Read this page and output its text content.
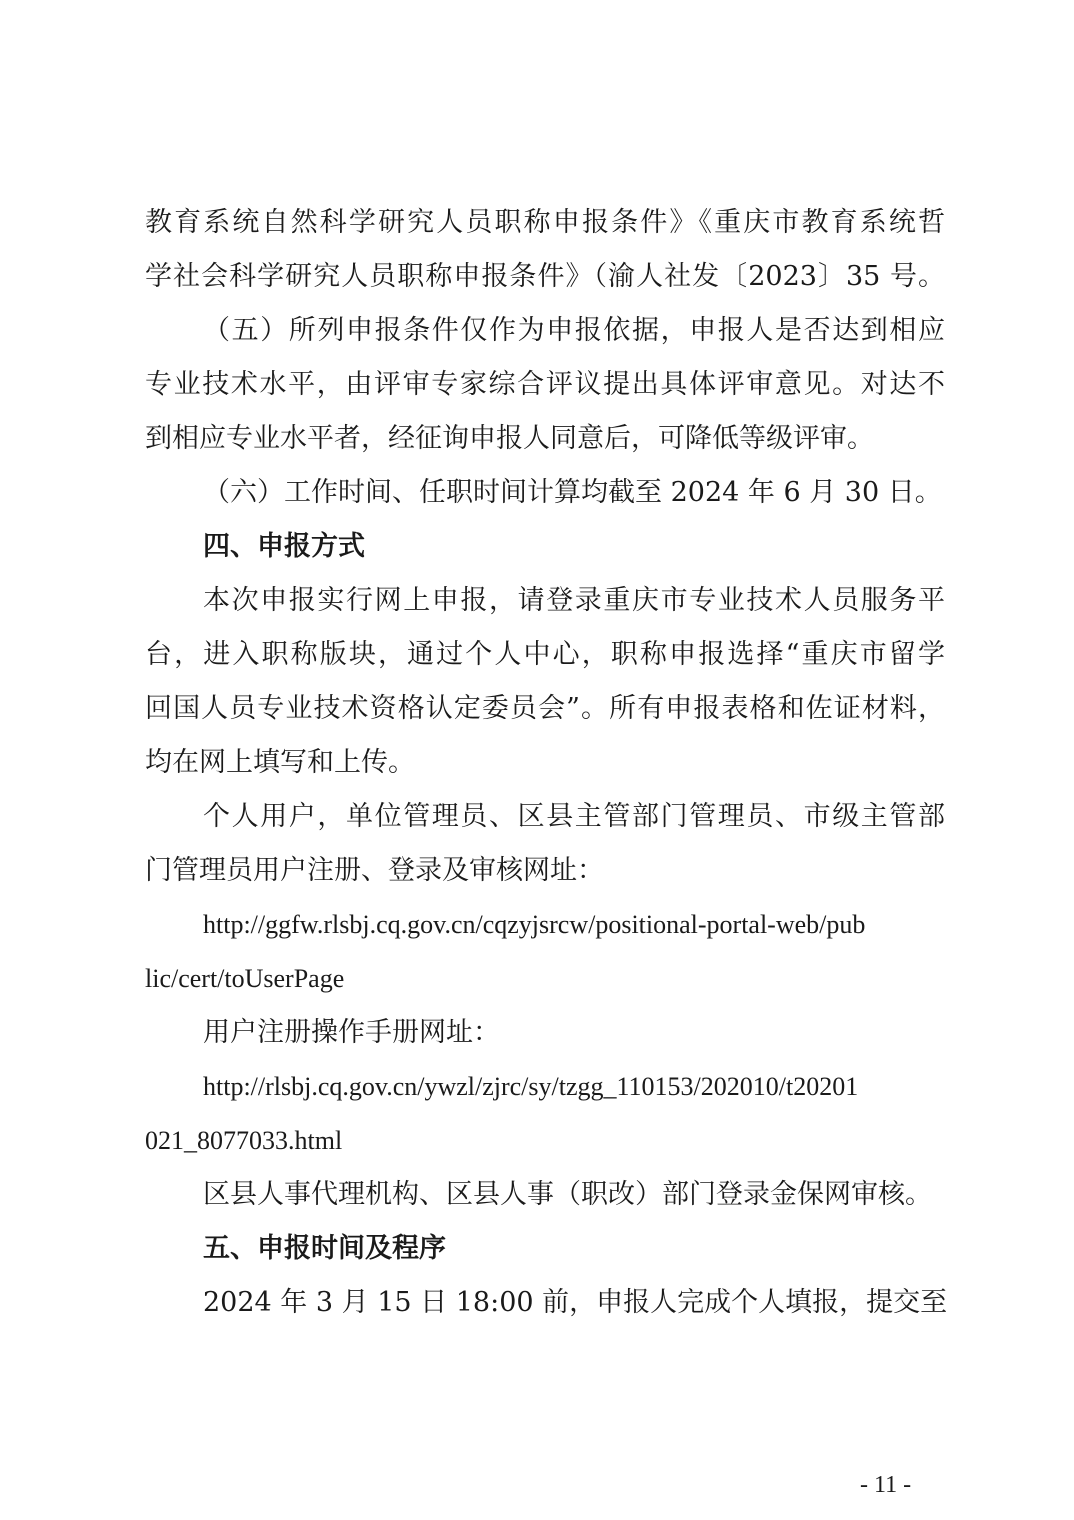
教育系统自然科学研究人员职称申报条件》《重庆市教育系统哲
学社会科学研究人员职称申报条件》（渝人社发〔2023〕35 号。
（五）所列申报条件仅作为申报依据，申报人是否达到相应
专业技术水平，由评审专家综合评议提出具体评审意见。对达不
到相应专业水平者，经征询申报人同意后，可降低等级评审。
（六）工作时间、任职时间计算均截至 2024 年 6 月 30 日。
四、申报方式
本次申报实行网上申报，请登录重庆市专业技术人员服务平
台，进入职称版块，通过个人中心，职称申报选择“重庆市留学
回国人员专业技术资格认定委员会”。所有申报表格和佐证材料，
均在网上填写和上传。
个人用户，单位管理员、区县主管部门管理员、市级主管部
门管理员用户注册、登录及审核网址：
http://ggfw.rlsbj.cq.gov.cn/cqzyjsrcw/positional-portal-web/pub
lic/cert/toUserPage
用户注册操作手册网址：
http://rlsbj.cq.gov.cn/ywzl/zjrc/sy/tzgg_110153/202010/t20201
021_8077033.html
区县人事代理机构、区县人事（职改）部门登录金保网审核。
五、申报时间及程序
2024 年 3 月 15 日 18:00 前，申报人完成个人填报，提交至
- 11 -
